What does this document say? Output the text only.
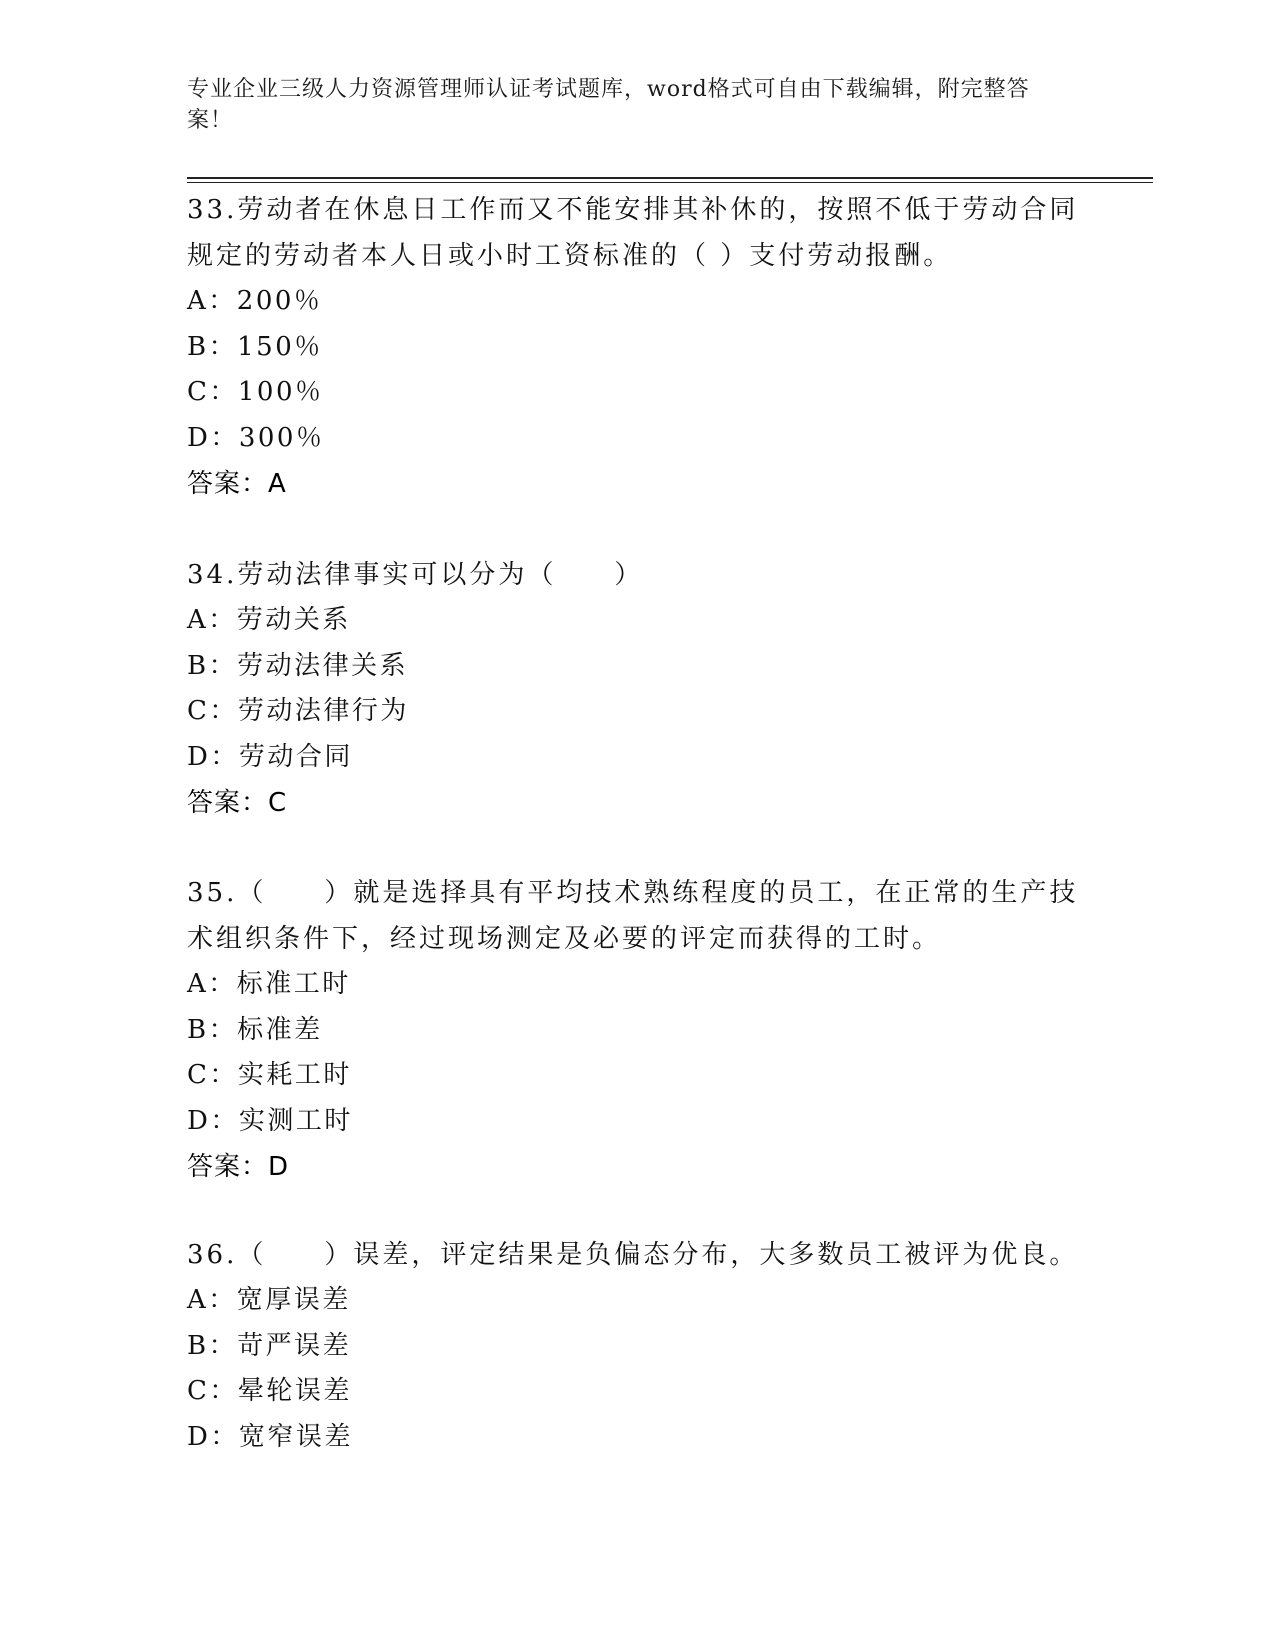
专业企业三级人力资源管理师认证考试题库，word格式可自由下载编辑，附完整答案！

33.劳动者在休息日工作而又不能安排其补休的，按照不低于劳动合同规定的劳动者本人日或小时工资标准的（ ）支付劳动报酬。

A：200％

B：150％

C：100％

D：300％

答案：A

34.劳动法律事实可以分为（　　）

A：劳动关系

B：劳动法律关系

C：劳动法律行为

D：劳动合同

答案：C

35.（　　）就是选择具有平均技术熟练程度的员工，在正常的生产技术组织条件下，经过现场测定及必要的评定而获得的工时。

A：标准工时

B：标准差

C：实耗工时

D：实测工时

答案：D

36.（　　）误差，评定结果是负偏态分布，大多数员工被评为优良。

A：宽厚误差

B：苛严误差

C：晕轮误差

D：宽窄误差
